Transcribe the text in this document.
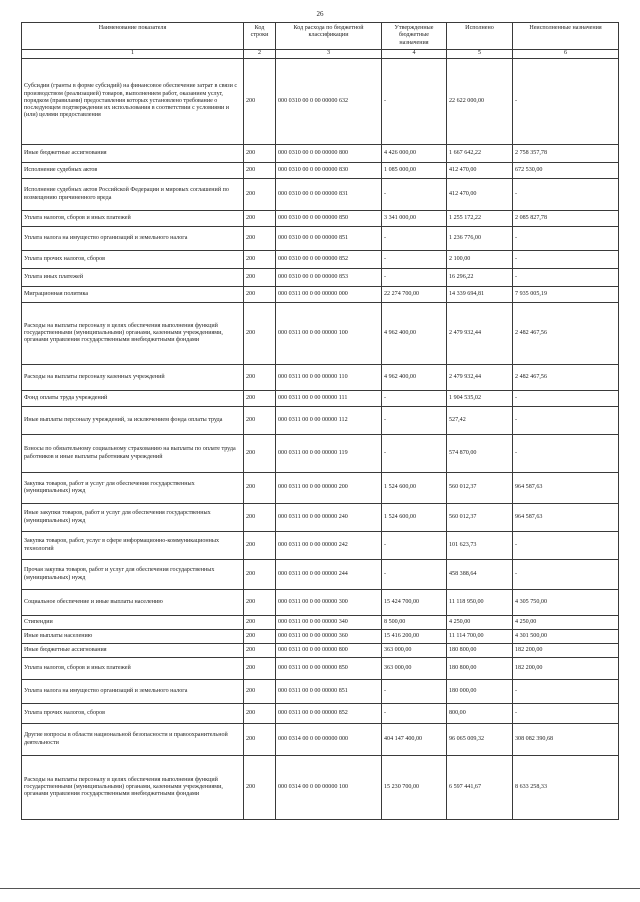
26
Наименование показателя	Код строки	Код расхода по бюджетной классификации	Утвержденные бюджетные назначения	Исполнено	Неисполненные назначения
1	2	3	4	5	6
Субсидии (гранты в форме субсидий) на финансовое обеспечение затрат в связи с производством (реализацией) товаров, выполнением работ, оказанием услуг, порядком (правилами) предоставления которых установлено требование о последующем подтверждении их использования в соответствии с условиями и (или) целями предоставления	200	000 0310 00 0 00 00000 632	-	22 622 000,00	-
Иные бюджетные ассигнования	200	000 0310 00 0 00 00000 800	4 426 000,00	1 667 642,22	2 758 357,78
Исполнение судебных актов	200	000 0310 00 0 00 00000 830	1 085 000,00	412 470,00	672 530,00
Исполнение судебных актов Российской Федерации и мировых соглашений по возмещению причиненного вреда	200	000 0310 00 0 00 00000 831	-	412 470,00	-
Уплата налогов, сборов и иных платежей	200	000 0310 00 0 00 00000 850	3 341 000,00	1 255 172,22	2 085 827,78
Уплата налога на имущество организаций и земельного налога	200	000 0310 00 0 00 00000 851	-	1 236 776,00	-
Уплата прочих налогов, сборов	200	000 0310 00 0 00 00000 852	-	2 100,00	-
Уплата иных платежей	200	000 0310 00 0 00 00000 853	-	16 296,22	-
Миграционная политика	200	000 0311 00 0 00 00000 000	22 274 700,00	14 339 694,81	7 935 005,19
Расходы на выплаты персоналу в целях обеспечения выполнения функций государственными (муниципальными) органами, казенными учреждениями, органами управления государственными внебюджетными фондами	200	000 0311 00 0 00 00000 100	4 962 400,00	2 479 932,44	2 482 467,56
Расходы на выплаты персоналу казенных учреждений	200	000 0311 00 0 00 00000 110	4 962 400,00	2 479 932,44	2 482 467,56
Фонд оплаты труда учреждений	200	000 0311 00 0 00 00000 111	-	1 904 535,02	-
Иные выплаты персоналу учреждений, за исключением фонда оплаты труда	200	000 0311 00 0 00 00000 112	-	527,42	-
Взносы по обязательному социальному страхованию на выплаты по оплате труда работников и иные выплаты работникам учреждений	200	000 0311 00 0 00 00000 119	-	574 870,00	-
Закупка товаров, работ и услуг для обеспечения государственных (муниципальных) нужд	200	000 0311 00 0 00 00000 200	1 524 600,00	560 012,37	964 587,63
Иные закупки товаров, работ и услуг для обеспечения государственных (муниципальных) нужд	200	000 0311 00 0 00 00000 240	1 524 600,00	560 012,37	964 587,63
Закупка товаров, работ, услуг в сфере информационно-коммуникационных технологий	200	000 0311 00 0 00 00000 242	-	101 623,73	-
Прочая закупка товаров, работ и услуг для обеспечения государственных (муниципальных) нужд	200	000 0311 00 0 00 00000 244	-	458 388,64	-
Социальное обеспечение и иные выплаты населению	200	000 0311 00 0 00 00000 300	15 424 700,00	11 118 950,00	4 305 750,00
Стипендии	200	000 0311 00 0 00 00000 340	8 500,00	4 250,00	4 250,00
Иные выплаты населению	200	000 0311 00 0 00 00000 360	15 416 200,00	11 114 700,00	4 301 500,00
Иные бюджетные ассигнования	200	000 0311 00 0 00 00000 800	363 000,00	180 800,00	182 200,00
Уплата налогов, сборов и иных платежей	200	000 0311 00 0 00 00000 850	363 000,00	180 800,00	182 200,00
Уплата налога на имущество организаций и земельного налога	200	000 0311 00 0 00 00000 851	-	180 000,00	-
Уплата прочих налогов, сборов	200	000 0311 00 0 00 00000 852	-	800,00	-
Другие вопросы в области национальной безопасности и правоохранительной деятельности	200	000 0314 00 0 00 00000 000	404 147 400,00	96 065 009,32	308 082 390,68
Расходы на выплаты персоналу в целях обеспечения выполнения функций государственными (муниципальными) органами, казенными учреждениями, органами управления государственными внебюджетными фондами	200	000 0314 00 0 00 00000 100	15 230 700,00	6 597 441,67	8 633 258,33
